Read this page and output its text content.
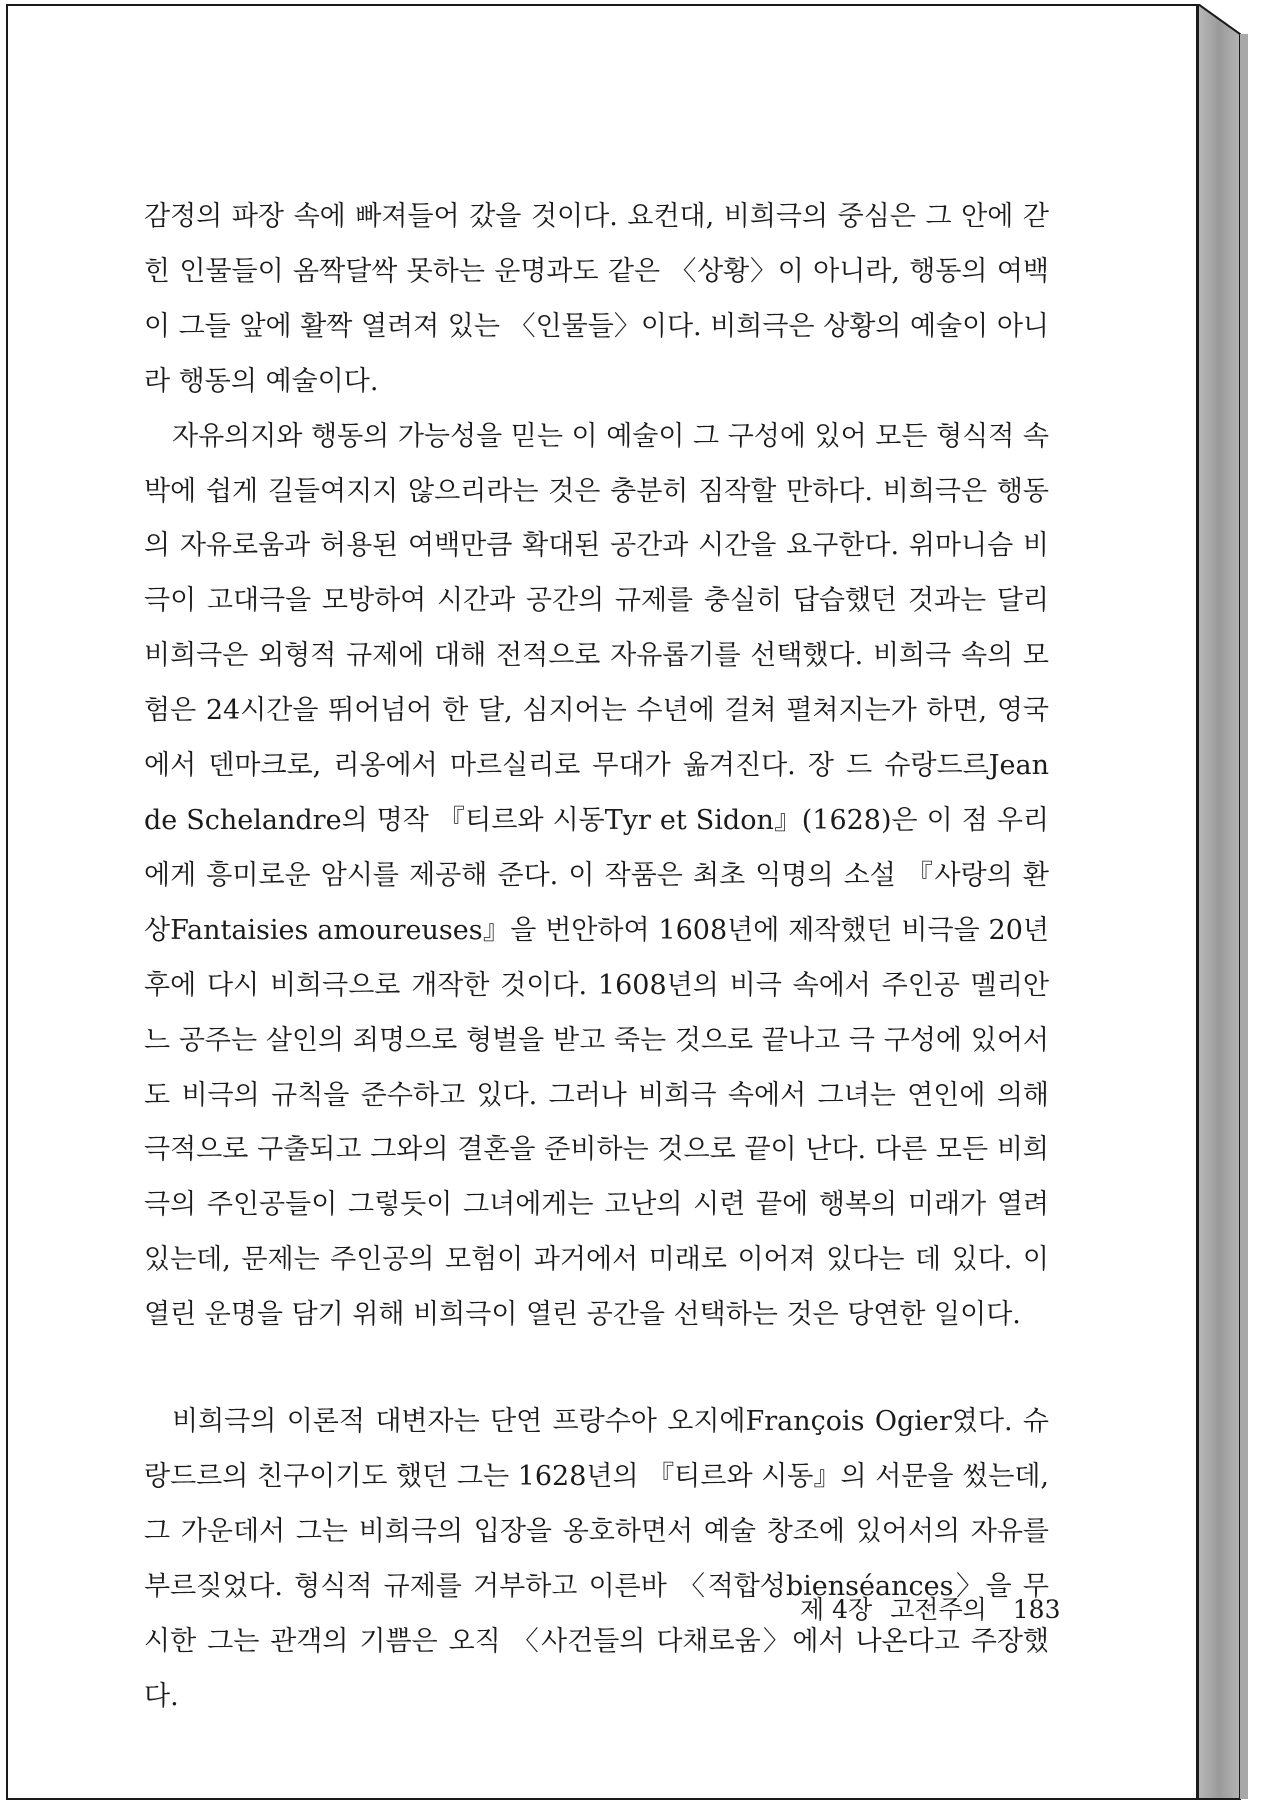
감정의 파장 속에 빠져들어 갔을 것이다. 요컨대, 비희극의 중심은 그 안에 갇힌 인물들이 옴짝달싹 못하는 운명과도 같은 〈상황〉이 아니라, 행동의 여백이 그들 앞에 활짝 열려져 있는 〈인물들〉이다. 비희극은 상황의 예술이 아니라 행동의 예술이다.

자유의지와 행동의 가능성을 믿는 이 예술이 그 구성에 있어 모든 형식적 속박에 쉽게 길들여지지 않으리라는 것은 충분히 짐작할 만하다. 비희극은 행동의 자유로움과 허용된 여백만큼 확대된 공간과 시간을 요구한다. 위마니슴 비극이 고대극을 모방하여 시간과 공간의 규제를 충실히 답습했던 것과는 달리 비희극은 외형적 규제에 대해 전적으로 자유롭기를 선택했다. 비희극 속의 모험은 24시간을 뛰어넘어 한 달, 심지어는 수년에 걸쳐 펼쳐지는가 하면, 영국에서 덴마크로, 리옹에서 마르실리로 무대가 옮겨진다. 장 드 슈랑드르Jean de Schelandre의 명작 『티르와 시동Tyr et Sidon』(1628)은 이 점 우리에게 흥미로운 암시를 제공해 준다. 이 작품은 최초 익명의 소설 『사랑의 환상Fantaisies amoureuses』을 번안하여 1608년에 제작했던 비극을 20년 후에 다시 비희극으로 개작한 것이다. 1608년의 비극 속에서 주인공 멜리안느 공주는 살인의 죄명으로 형벌을 받고 죽는 것으로 끝나고 극 구성에 있어서도 비극의 규칙을 준수하고 있다. 그러나 비희극 속에서 그녀는 연인에 의해 극적으로 구출되고 그와의 결혼을 준비하는 것으로 끝이 난다. 다른 모든 비희극의 주인공들이 그렇듯이 그녀에게는 고난의 시련 끝에 행복의 미래가 열려 있는데, 문제는 주인공의 모험이 과거에서 미래로 이어져 있다는 데 있다. 이 열린 운명을 담기 위해 비희극이 열린 공간을 선택하는 것은 당연한 일이다.

비희극의 이론적 대변자는 단연 프랑수아 오지에François Ogier였다. 슈랑드르의 친구이기도 했던 그는 1628년의 『티르와 시동』의 서문을 썼는데, 그 가운데서 그는 비희극의 입장을 옹호하면서 예술 창조에 있어서의 자유를 부르짖었다. 형식적 규제를 거부하고 이른바 〈적합성bienséances〉을 무시한 그는 관객의 기쁨은 오직 〈사건들의 다채로움〉에서 나온다고 주장했다.

제 4장 고전주의 183
